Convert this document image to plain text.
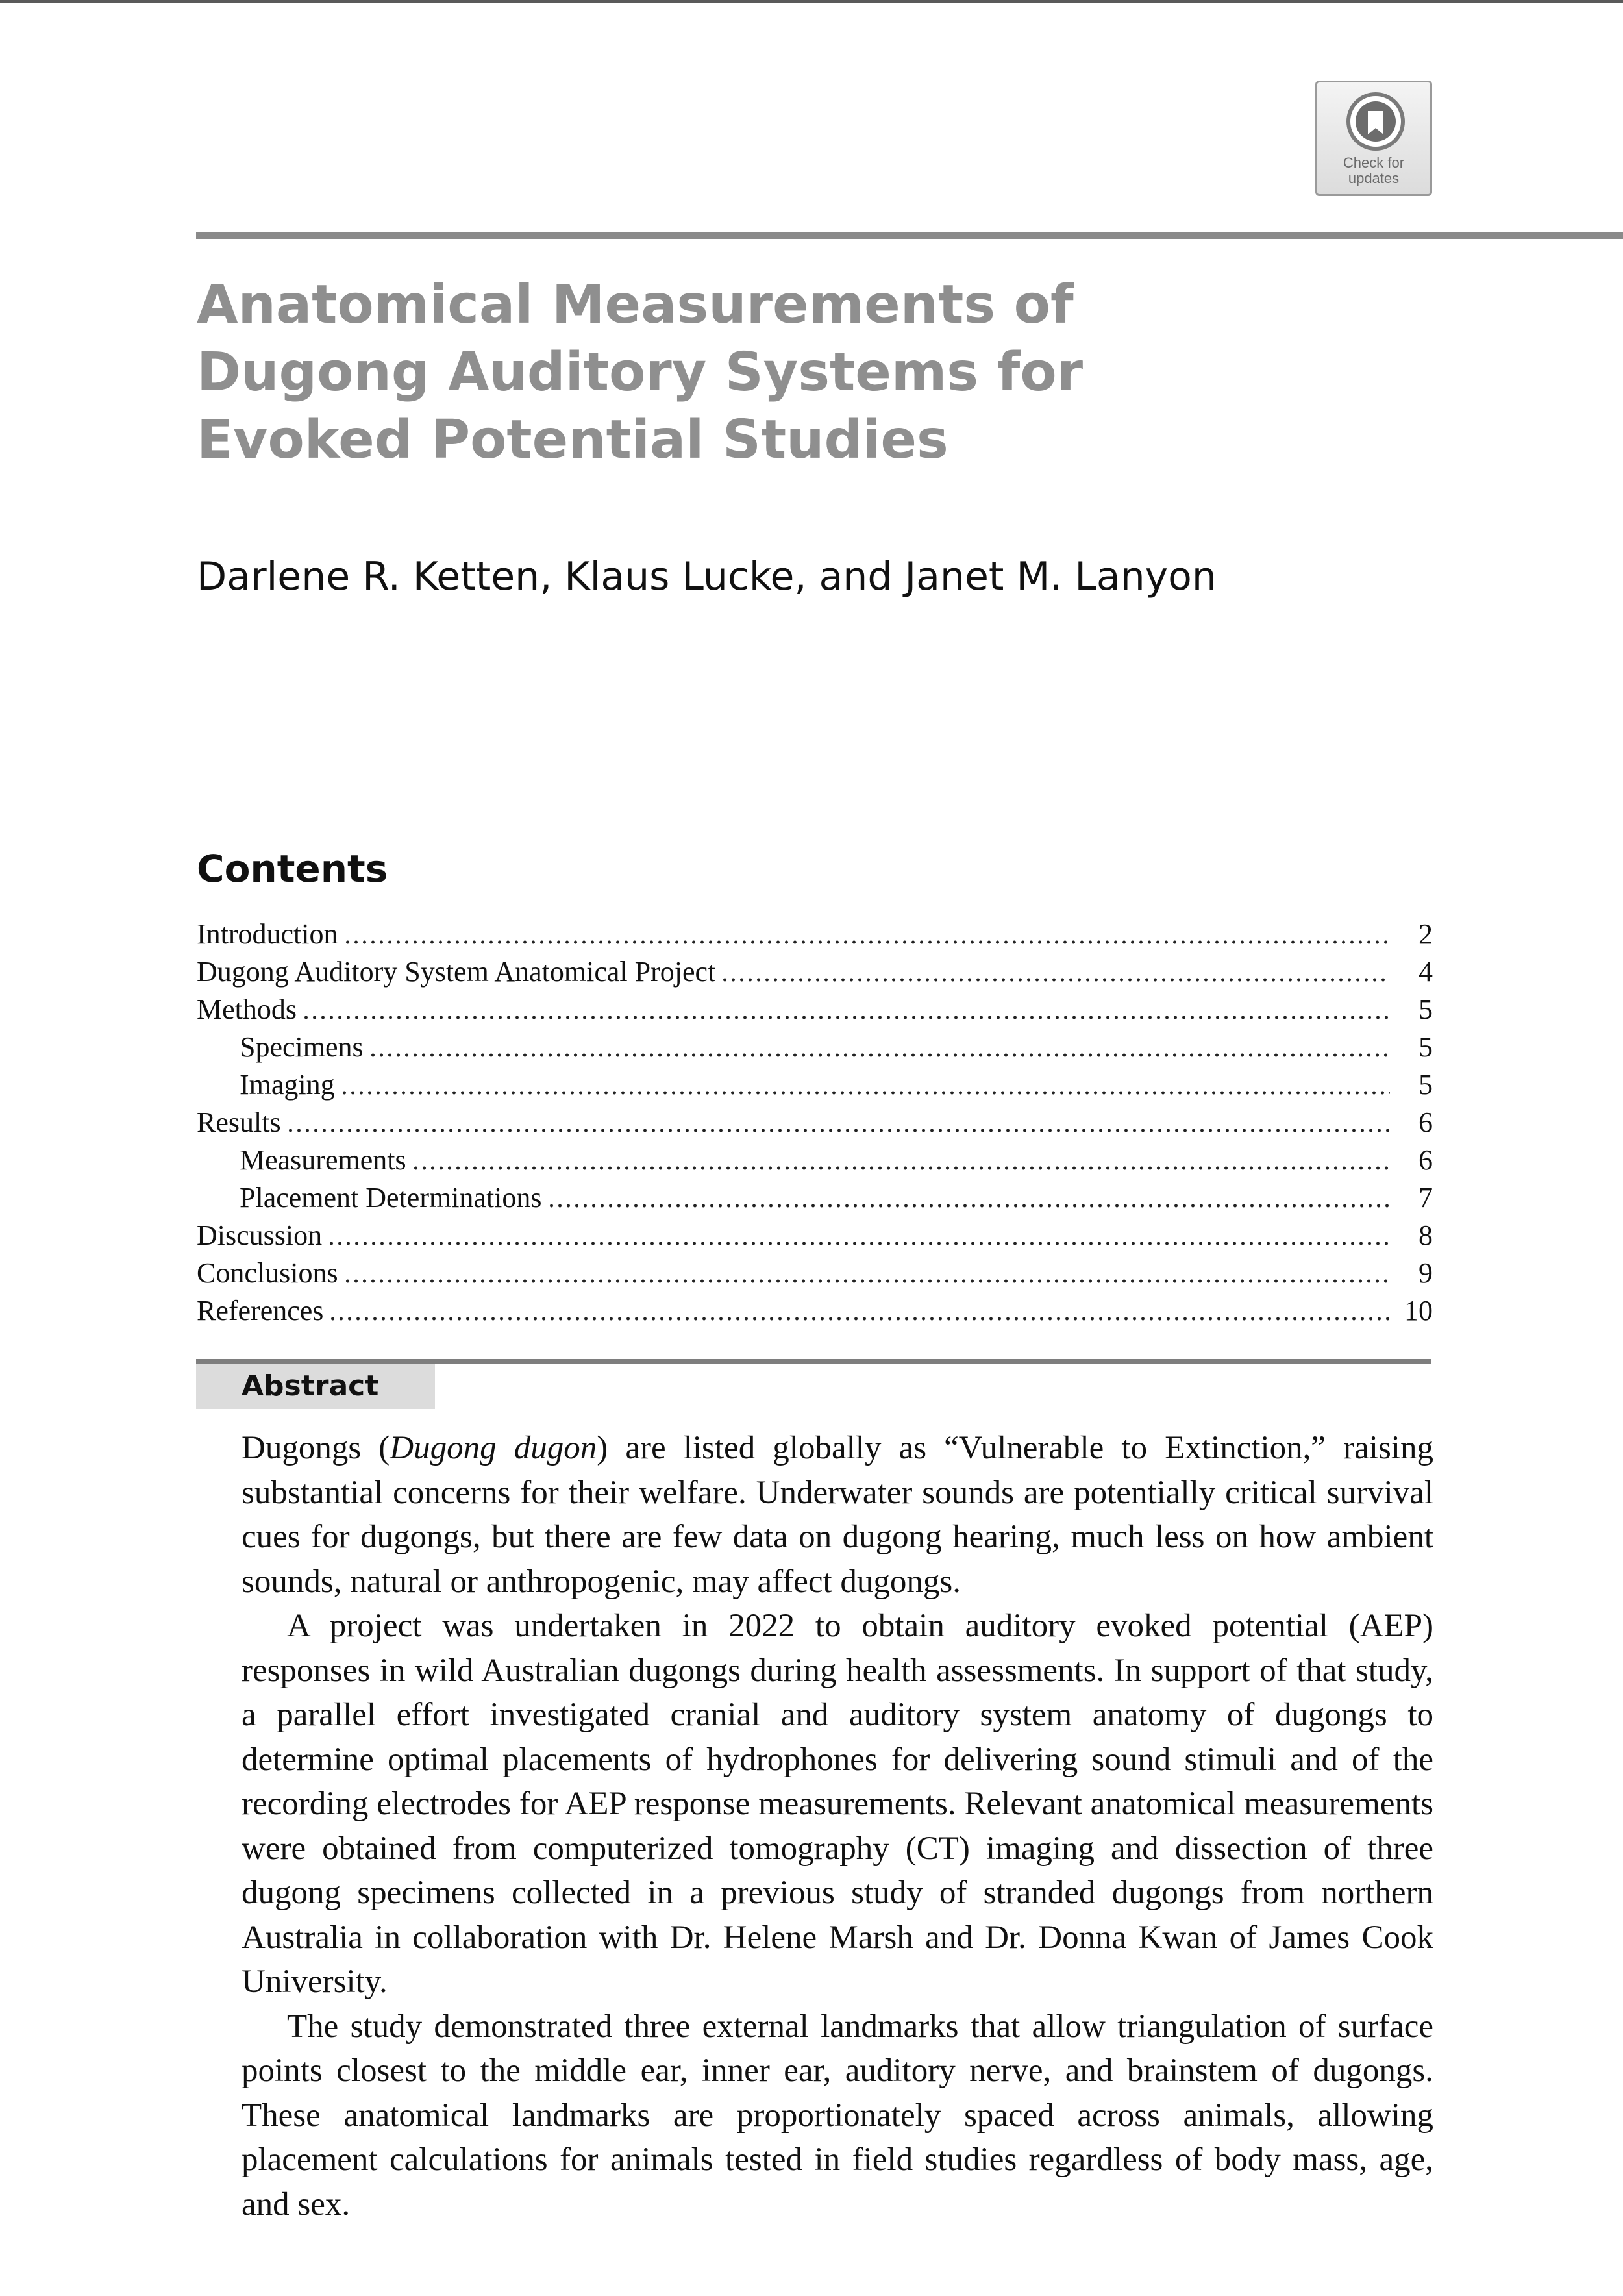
Check for updates
Anatomical Measurements of Dugong Auditory Systems for Evoked Potential Studies
Darlene R. Ketten, Klaus Lucke, and Janet M. Lanyon
Contents
Introduction	2
Dugong Auditory System Anatomical Project	4
Methods	5
Specimens	5
Imaging	5
Results	6
Measurements	6
Placement Determinations	7
Discussion	8
Conclusions	9
References	10
Abstract

Dugongs (Dugong dugon) are listed globally as “Vulnerable to Extinction,” raising substantial concerns for their welfare. Underwater sounds are potentially critical survival cues for dugongs, but there are few data on dugong hearing, much less on how ambient sounds, natural or anthropogenic, may affect dugongs.

A project was undertaken in 2022 to obtain auditory evoked potential (AEP) responses in wild Australian dugongs during health assessments. In support of that study, a parallel effort investigated cranial and auditory system anatomy of dugongs to determine optimal placements of hydrophones for delivering sound stimuli and of the recording electrodes for AEP response measurements. Relevant anatomical measurements were obtained from computerized tomography (CT) imaging and dissection of three dugong specimens collected in a previous study of stranded dugongs from northern Australia in collaboration with Dr. Helene Marsh and Dr. Donna Kwan of James Cook University.

The study demonstrated three external landmarks that allow triangulation of surface points closest to the middle ear, inner ear, auditory nerve, and brainstem of dugongs. These anatomical landmarks are proportionately spaced across animals, allowing placement calculations for animals tested in field studies regardless of body mass, age, and sex.
